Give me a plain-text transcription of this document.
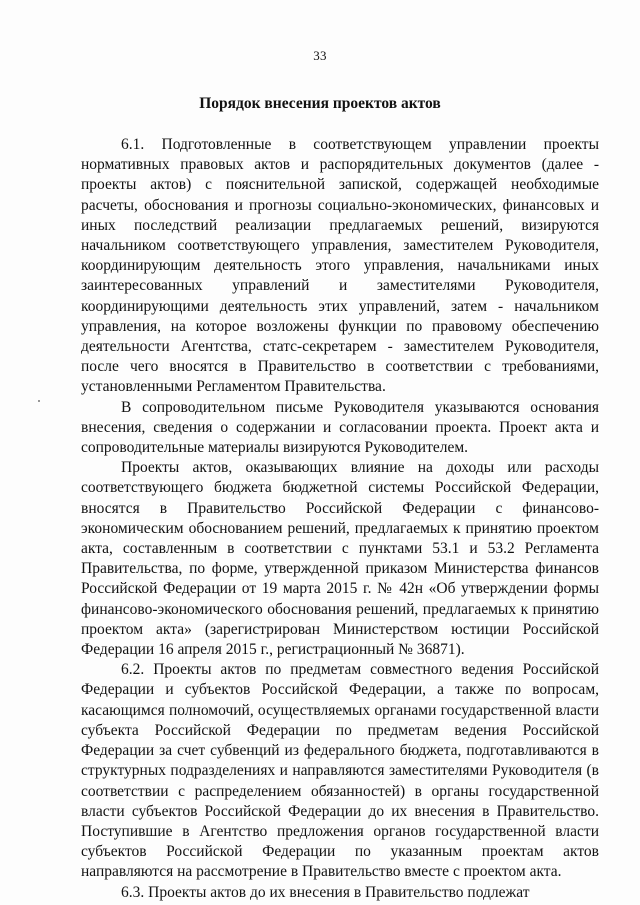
33
Порядок внесения проектов актов

6.1. Подготовленные в соответствующем управлении проекты нормативных правовых актов и распорядительных документов (далее - проекты актов) с пояснительной запиской, содержащей необходимые расчеты, обоснования и прогнозы социально-экономических, финансовых и иных последствий реализации предлагаемых решений, визируются начальником соответствующего управления, заместителем Руководителя, координирующим деятельность этого управления, начальниками иных заинтересованных управлений и заместителями Руководителя, координирующими деятельность этих управлений, затем - начальником управления, на которое возложены функции по правовому обеспечению деятельности Агентства, статс-секретарем - заместителем Руководителя, после чего вносятся в Правительство в соответствии с требованиями, установленными Регламентом Правительства.

В сопроводительном письме Руководителя указываются основания внесения, сведения о содержании и согласовании проекта. Проект акта и сопроводительные материалы визируются Руководителем.

Проекты актов, оказывающих влияние на доходы или расходы соответствующего бюджета бюджетной системы Российской Федерации, вносятся в Правительство Российской Федерации с финансово-экономическим обоснованием решений, предлагаемых к принятию проектом акта, составленным в соответствии с пунктами 53.1 и 53.2 Регламента Правительства, по форме, утвержденной приказом Министерства финансов Российской Федерации от 19 марта 2015 г. № 42н «Об утверждении формы финансово-экономического обоснования решений, предлагаемых к принятию проектом акта» (зарегистрирован Министерством юстиции Российской Федерации 16 апреля 2015 г., регистрационный № 36871).

6.2. Проекты актов по предметам совместного ведения Российской Федерации и субъектов Российской Федерации, а также по вопросам, касающимся полномочий, осуществляемых органами государственной власти субъекта Российской Федерации по предметам ведения Российской Федерации за счет субвенций из федерального бюджета, подготавливаются в структурных подразделениях и направляются заместителями Руководителя (в соответствии с распределением обязанностей) в органы государственной власти субъектов Российской Федерации до их внесения в Правительство. Поступившие в Агентство предложения органов государственной власти субъектов Российской Федерации по указанным проектам актов направляются на рассмотрение в Правительство вместе с проектом акта.

6.3. Проекты актов до их внесения в Правительство подлежат
